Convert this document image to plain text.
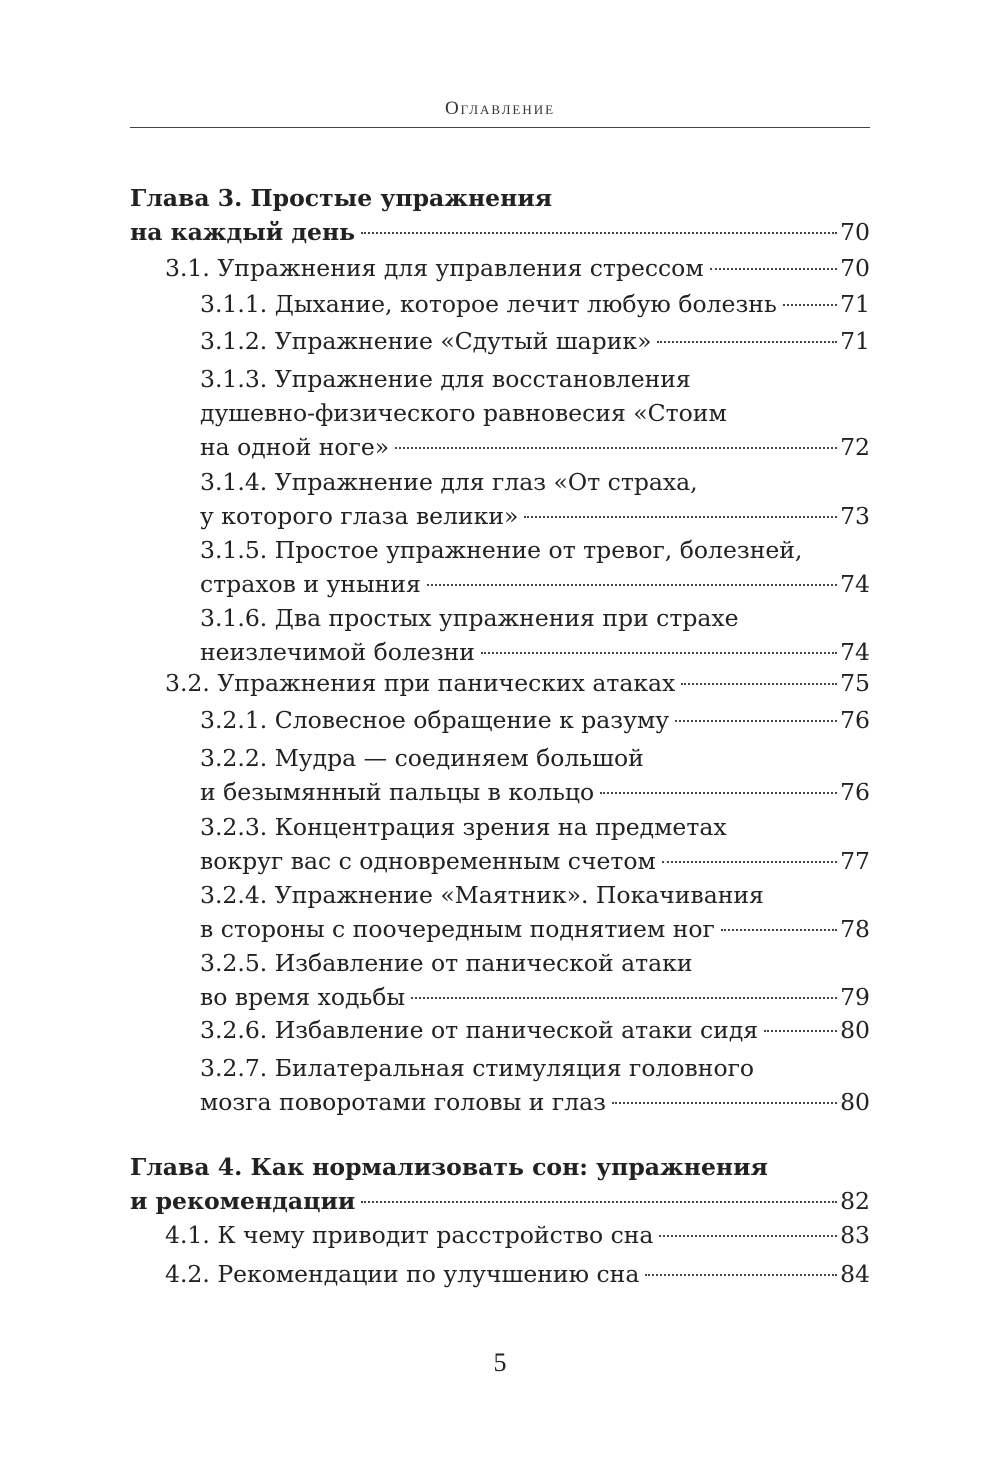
Оглавление
Глава 3. Простые упражнения
на каждый день	70
3.1. Упражнения для управления стрессом	70
3.1.1. Дыхание, которое лечит любую болезнь	71
3.1.2. Упражнение «Сдутый шарик»	71
3.1.3. Упражнение для восстановления
душевно-физического равновесия «Стоим
на одной ноге»	72
3.1.4. Упражнение для глаз «От страха,
у которого глаза велики»	73
3.1.5. Простое упражнение от тревог, болезней,
страхов и уныния	74
3.1.6. Два простых упражнения при страхе
неизлечимой болезни	74
3.2. Упражнения при панических атаках	75
3.2.1. Словесное обращение к разуму	76
3.2.2. Мудра — соединяем большой
и безымянный пальцы в кольцо	76
3.2.3. Концентрация зрения на предметах
вокруг вас с одновременным счетом	77
3.2.4. Упражнение «Маятник». Покачивания
в стороны с поочередным поднятием ног	78
3.2.5. Избавление от панической атаки
во время ходьбы	79
3.2.6. Избавление от панической атаки сидя	80
3.2.7. Билатеральная стимуляция головного
мозга поворотами головы и глаз	80
Глава 4. Как нормализовать сон: упражнения
и рекомендации	82
4.1. К чему приводит расстройство сна	83
4.2. Рекомендации по улучшению сна	84
5
